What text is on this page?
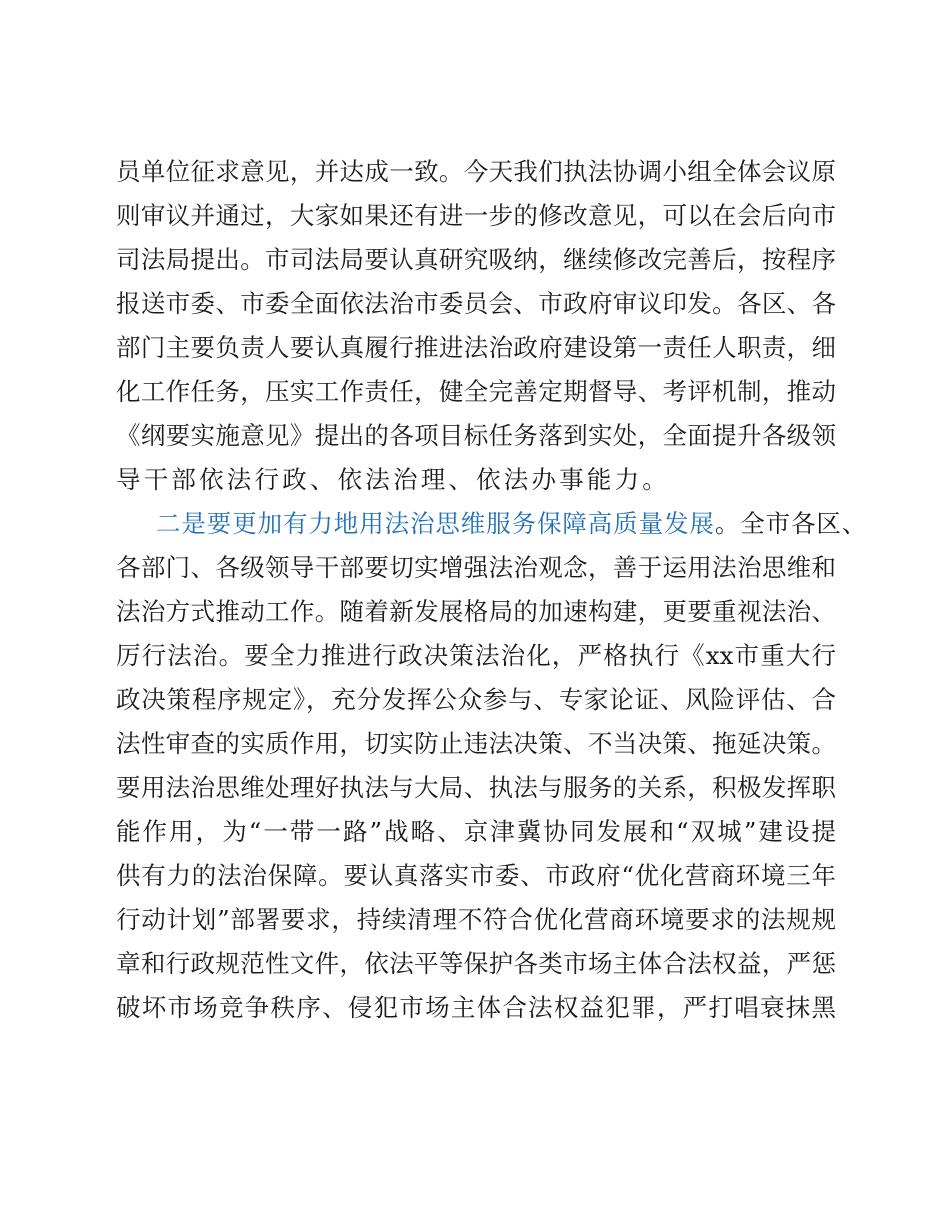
员单位征求意见，并达成一致。今天我们执法协调小组全体会议原
则审议并通过，大家如果还有进一步的修改意见，可以在会后向市
司法局提出。市司法局要认真研究吸纳，继续修改完善后，按程序
报送市委、市委全面依法治市委员会、市政府审议印发。各区、各
部门主要负责人要认真履行推进法治政府建设第一责任人职责，细
化工作任务，压实工作责任，健全完善定期督导、考评机制，推动
《纲要实施意见》提出的各项目标任务落到实处，全面提升各级领
导干部依法行政、依法治理、依法办事能力。
二是要更加有力地用法治思维服务保障高质量发展。全市各区、
各部门、各级领导干部要切实增强法治观念，善于运用法治思维和
法治方式推动工作。随着新发展格局的加速构建，更要重视法治、
厉行法治。要全力推进行政决策法治化，严格执行《xx市重大行
政决策程序规定》，充分发挥公众参与、专家论证、风险评估、合
法性审查的实质作用，切实防止违法决策、不当决策、拖延决策。
要用法治思维处理好执法与大局、执法与服务的关系，积极发挥职
能作用，为“一带一路”战略、京津冀协同发展和“双城”建设提
供有力的法治保障。要认真落实市委、市政府“优化营商环境三年
行动计划”部署要求，持续清理不符合优化营商环境要求的法规规
章和行政规范性文件，依法平等保护各类市场主体合法权益，严惩
破坏市场竞争秩序、侵犯市场主体合法权益犯罪，严打唱衰抹黑
